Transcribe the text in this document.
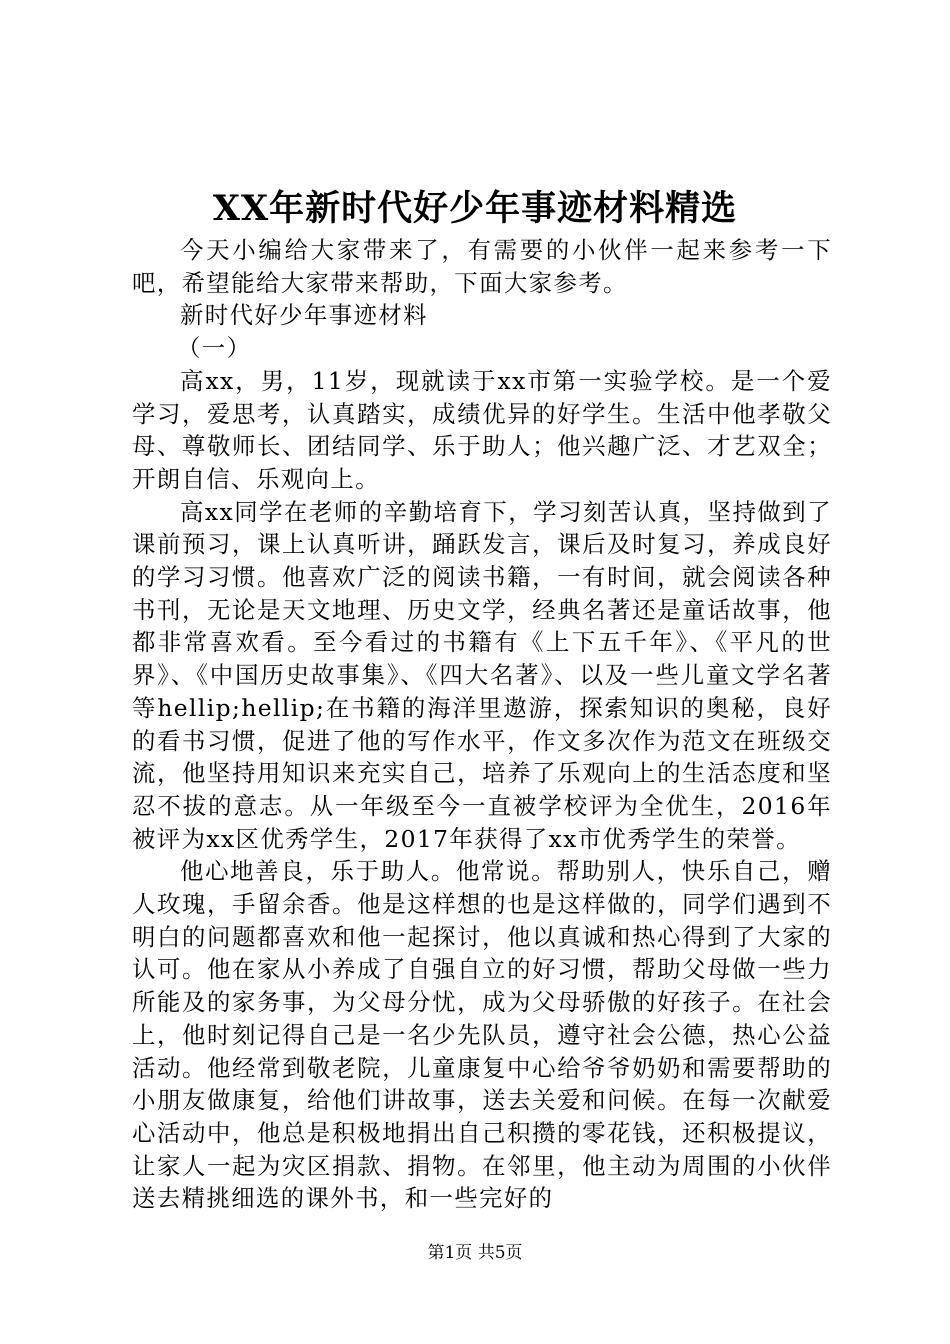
XX年新时代好少年事迹材料精选

今天小编给大家带来了，有需要的小伙伴一起来参考一下吧，希望能给大家带来帮助，下面大家参考。

新时代好少年事迹材料

（一）

高xx，男，11岁，现就读于xx市第一实验学校。是一个爱学习，爱思考，认真踏实，成绩优异的好学生。生活中他孝敬父母、尊敬师长、团结同学、乐于助人；他兴趣广泛、才艺双全；开朗自信、乐观向上。

高xx同学在老师的辛勤培育下，学习刻苦认真，坚持做到了课前预习，课上认真听讲，踊跃发言，课后及时复习，养成良好的学习习惯。他喜欢广泛的阅读书籍，一有时间，就会阅读各种书刊，无论是天文地理、历史文学，经典名著还是童话故事，他都非常喜欢看。至今看过的书籍有《上下五千年》、《平凡的世界》、《中国历史故事集》、《四大名著》、以及一些儿童文学名著等hellip;hellip;在书籍的海洋里遨游，探索知识的奥秘，良好的看书习惯，促进了他的写作水平，作文多次作为范文在班级交流，他坚持用知识来充实自己，培养了乐观向上的生活态度和坚忍不拔的意志。从一年级至今一直被学校评为全优生，2016年被评为xx区优秀学生，2017年获得了xx市优秀学生的荣誉。

他心地善良，乐于助人。他常说。帮助别人，快乐自己，赠人玫瑰，手留余香。他是这样想的也是这样做的，同学们遇到不明白的问题都喜欢和他一起探讨，他以真诚和热心得到了大家的认可。他在家从小养成了自强自立的好习惯，帮助父母做一些力所能及的家务事，为父母分忧，成为父母骄傲的好孩子。在社会上，他时刻记得自己是一名少先队员，遵守社会公德，热心公益活动。他经常到敬老院，儿童康复中心给爷爷奶奶和需要帮助的小朋友做康复，给他们讲故事，送去关爱和问候。在每一次献爱心活动中，他总是积极地捐出自己积攒的零花钱，还积极提议，让家人一起为灾区捐款、捐物。在邻里，他主动为周围的小伙伴送去精挑细选的课外书，和一些完好的

第1页 共5页
